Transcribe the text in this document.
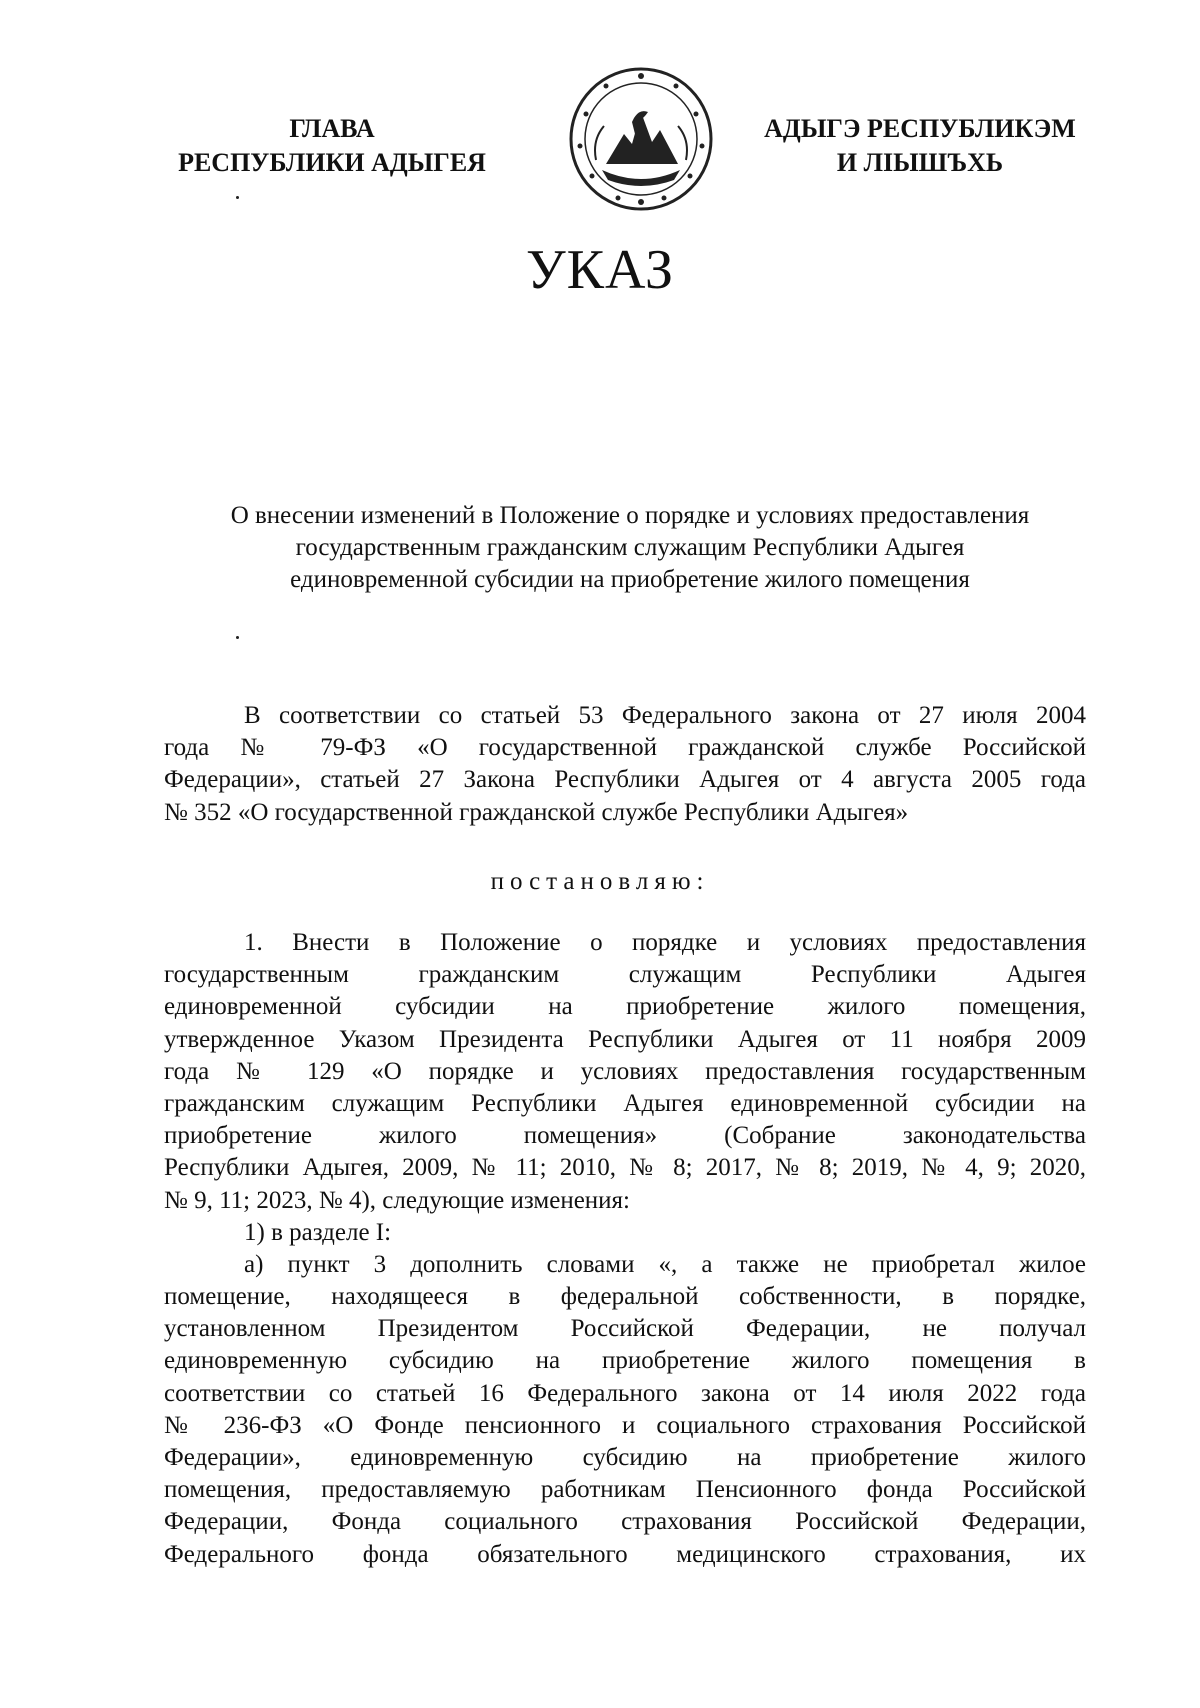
ГЛАВА
РЕСПУБЛИКИ АДЫГЕЯ
АДЫГЭ РЕСПУБЛИКЭМ
И ЛІЫШЪХЬ
УКАЗ
О внесении изменений в Положение о порядке и условиях предоставления
государственным гражданским служащим Республики Адыгея
единовременной субсидии на приобретение жилого помещения
В соответствии со статьей 53 Федерального закона от 27 июля 2004
года № 79-ФЗ «О государственной гражданской службе Российской
Федерации», статьей 27 Закона Республики Адыгея от 4 августа 2005 года
№ 352 «О государственной гражданской службе Республики Адыгея»
постановляю:
1. Внести в Положение о порядке и условиях предоставления
государственным гражданским служащим Республики Адыгея
единовременной субсидии на приобретение жилого помещения,
утвержденное Указом Президента Республики Адыгея от 11 ноября 2009
года № 129 «О порядке и условиях предоставления государственным
гражданским служащим Республики Адыгея единовременной субсидии на
приобретение жилого помещения» (Собрание законодательства
Республики Адыгея, 2009, № 11; 2010, № 8; 2017, № 8; 2019, № 4, 9; 2020,
№ 9, 11; 2023, № 4), следующие изменения:
1) в разделе I:
а) пункт 3 дополнить словами «, а также не приобретал жилое
помещение, находящееся в федеральной собственности, в порядке,
установленном Президентом Российской Федерации, не получал
единовременную субсидию на приобретение жилого помещения в
соответствии со статьей 16 Федерального закона от 14 июля 2022 года
№ 236-ФЗ «О Фонде пенсионного и социального страхования Российской
Федерации», единовременную субсидию на приобретение жилого
помещения, предоставляемую работникам Пенсионного фонда Российской
Федерации, Фонда социального страхования Российской Федерации,
Федерального фонда обязательного медицинского страхования, их
